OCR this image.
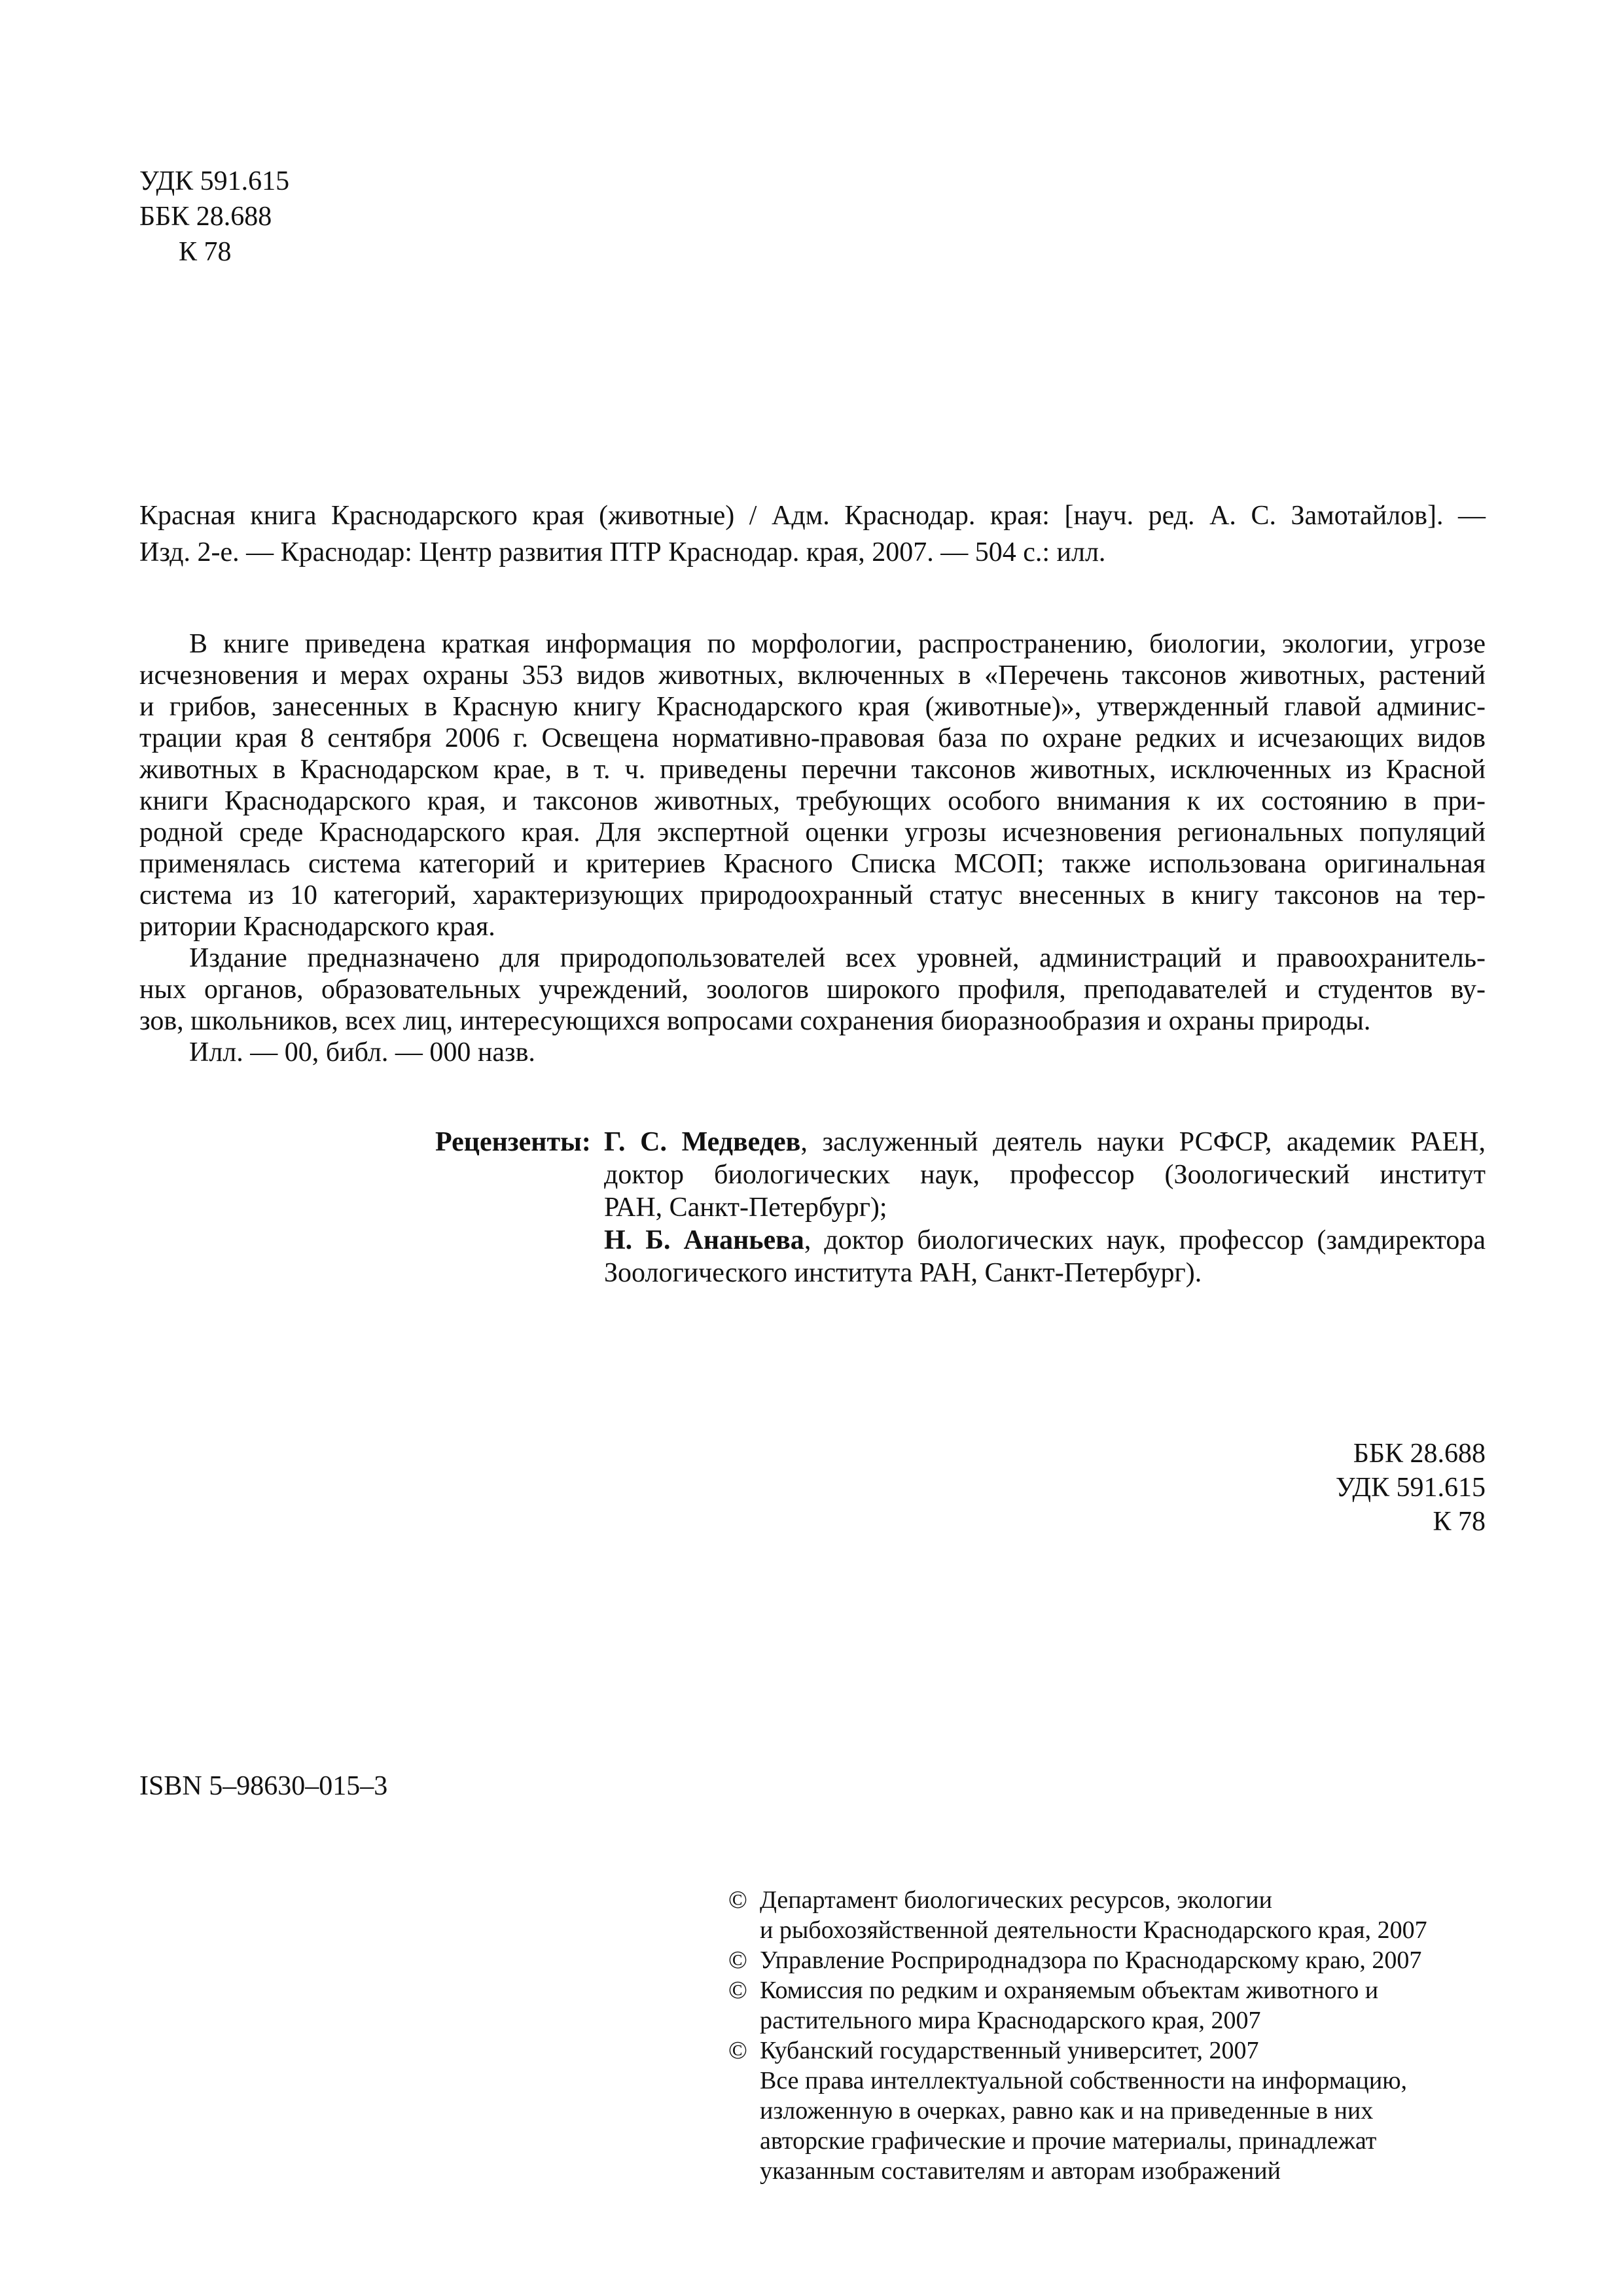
УДК 591.615
ББК 28.688
К 78
Красная книга Краснодарского края (животные) / Адм. Краснодар. края: [науч. ред. А. С. Замотайлов]. —
Изд. 2-е. — Краснодар: Центр развития ПТР Краснодар. края, 2007. — 504 с.: илл.
В книге приведена краткая информация по морфологии, распространению, биологии, экологии, угрозе
исчезновения и мерах охраны 353 видов животных, включенных в «Перечень таксонов животных, растений
и грибов, занесенных в Красную книгу Краснодарского края (животные)», утвержденный главой админис-
трации края 8 сентября 2006 г. Освещена нормативно-правовая база по охране редких и исчезающих видов
животных в Краснодарском крае, в т. ч. приведены перечни таксонов животных, исключенных из Красной
книги Краснодарского края, и таксонов животных, требующих особого внимания к их состоянию в при-
родной среде Краснодарского края. Для экспертной оценки угрозы исчезновения региональных популяций
применялась система категорий и критериев Красного Списка МСОП; также использована оригинальная
система из 10 категорий, характеризующих природоохранный статус внесенных в книгу таксонов на тер-
ритории Краснодарского края.
Издание предназначено для природопользователей всех уровней, администраций и правоохранитель-
ных органов, образовательных учреждений, зоологов широкого профиля, преподавателей и студентов ву-
зов, школьников, всех лиц, интересующихся вопросами сохранения биоразнообразия и охраны природы.
Илл. — 00, библ. — 000 назв.
Рецензенты: Г. С. Медведев, заслуженный деятель науки РСФСР, академик РАЕН,
доктор биологических наук, профессор (Зоологический институт
РАН, Санкт-Петербург);
Н. Б. Ананьева, доктор биологических наук, профессор (замдиректора
Зоологического института РАН, Санкт-Петербург).
ББК 28.688
УДК 591.615
К 78
ISBN 5–98630–015–3
© Департамент биологических ресурсов, экологии
и рыбохозяйственной деятельности Краснодарского края, 2007
© Управление Росприроднадзора по Краснодарскому краю, 2007
© Комиссия по редким и охраняемым объектам животного и
растительного мира Краснодарского края, 2007
© Кубанский государственный университет, 2007
Все права интеллектуальной собственности на информацию,
изложенную в очерках, равно как и на приведенные в них
авторские графические и прочие материалы, принадлежат
указанным составителям и авторам изображений
